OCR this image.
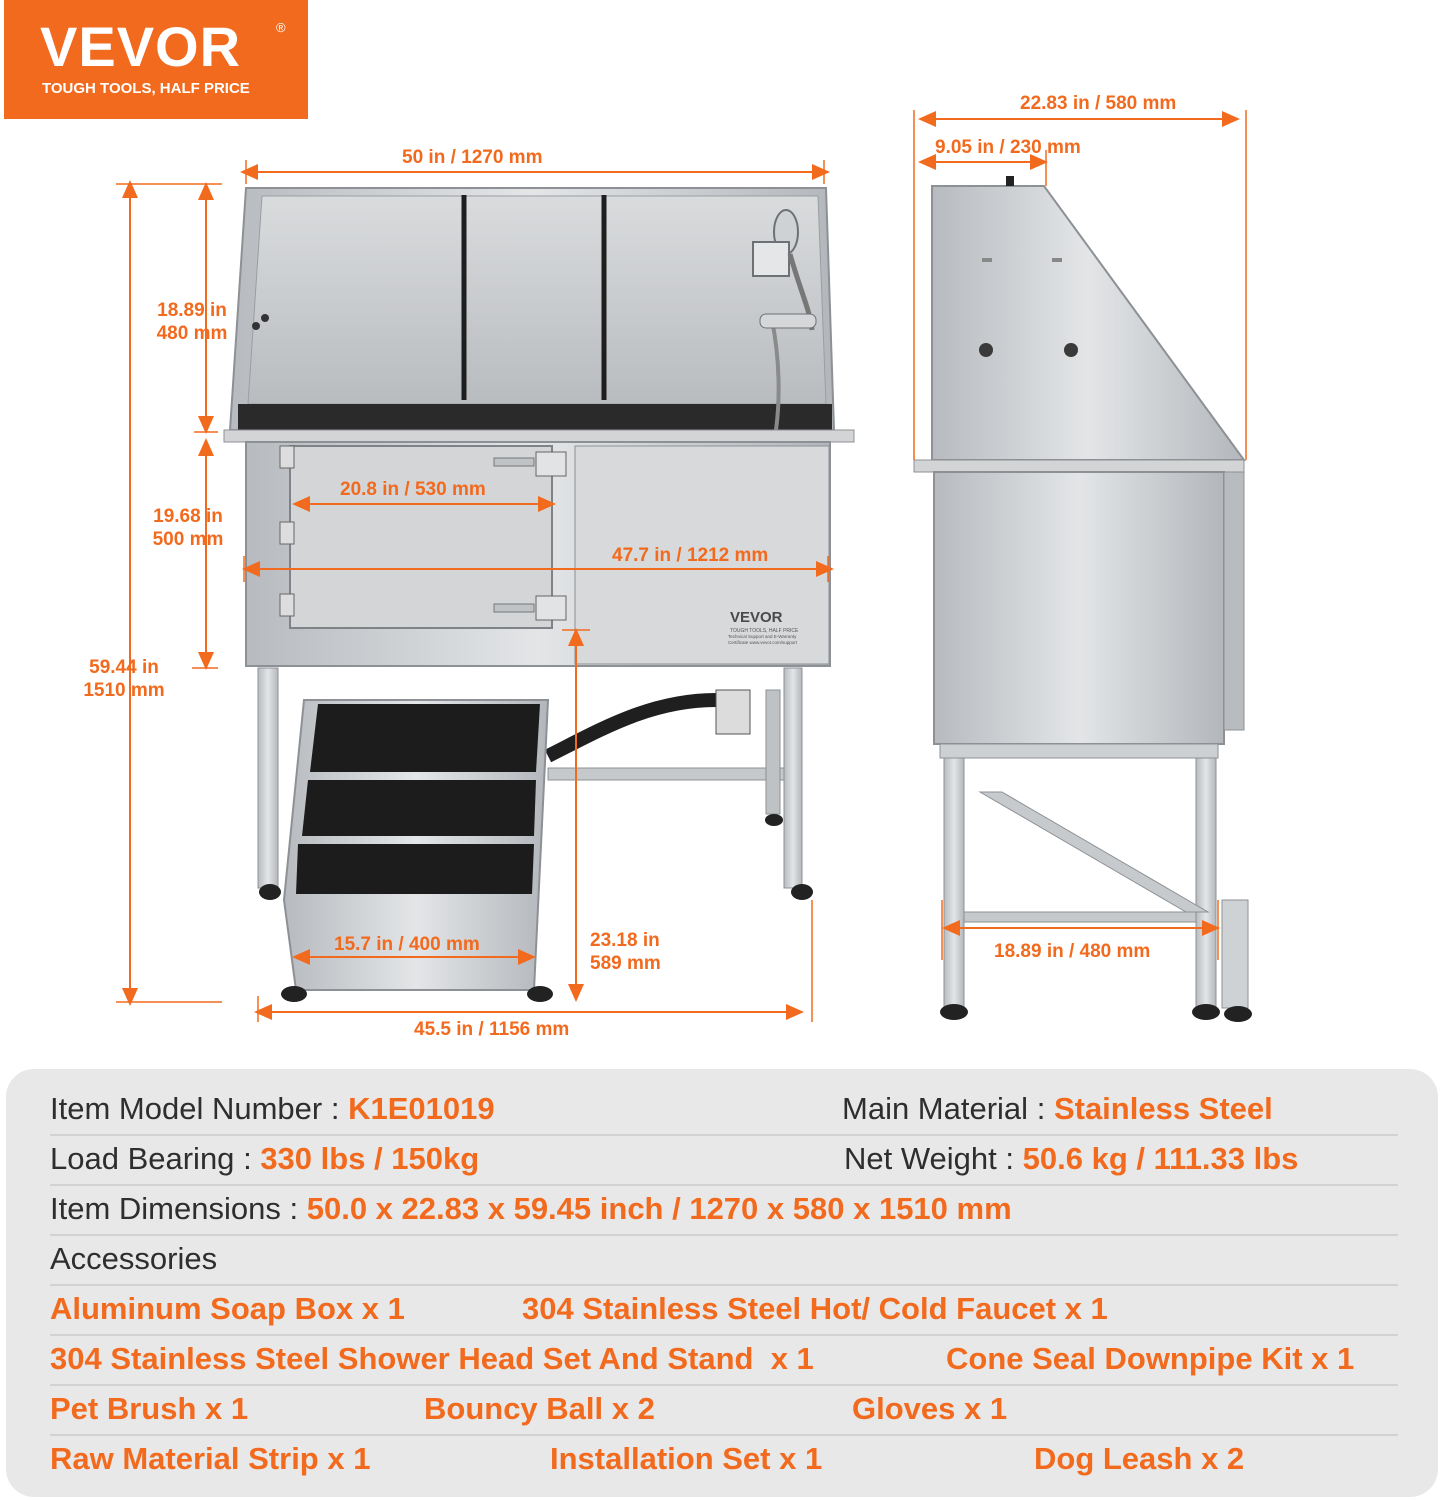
VEVOR	®
TOUGH TOOLS, HALF PRICE
VEVOR
TOUGH TOOLS, HALF PRICE
Technical Support and E-Warranty
Certificate www.vevor.com/support
50 in / 1270 mm
18.89 in
480 mm
19.68 in
500 mm
59.44 in
1510 mm
20.8 in / 530 mm
47.7 in / 1212 mm
15.7 in / 400 mm	23.18 in
589 mm
45.5 in / 1156 mm
22.83 in / 580 mm
9.05 in / 230 mm
18.89 in / 480 mm
Item Model Number : K1E01019	Main Material : Stainless Steel
Load Bearing : 330 lbs / 150kg	Net Weight : 50.6 kg / 111.33 lbs
Item Dimensions : 50.0 x 22.83 x 59.45 inch / 1270 x 580 x 1510 mm
Accessories
Aluminum Soap Box x 1	304 Stainless Steel Hot/ Cold Faucet x 1
304 Stainless Steel Shower Head Set And Stand  x 1	Cone Seal Downpipe Kit x 1
Pet Brush x 1	Bouncy Ball x 2	Gloves x 1
Raw Material Strip x 1	Installation Set x 1	Dog Leash x 2
